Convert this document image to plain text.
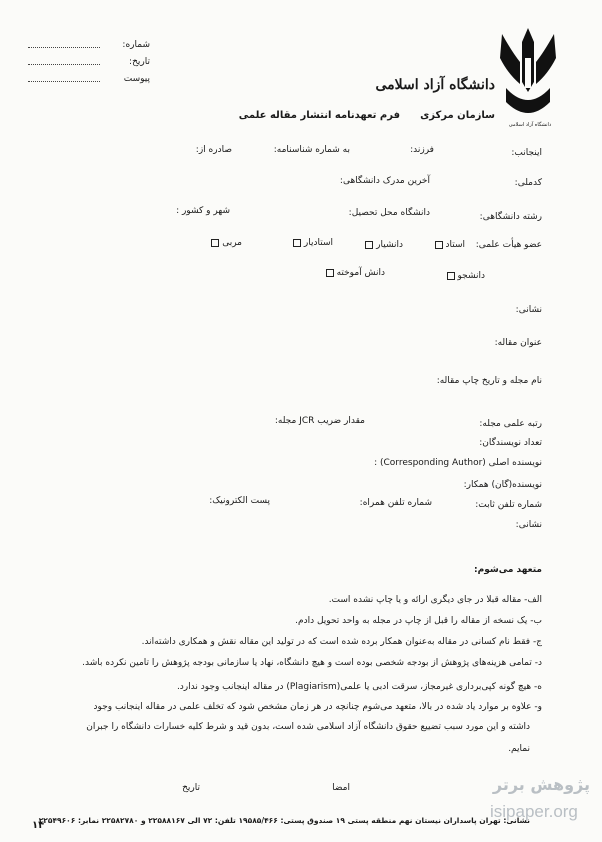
شماره:
تاریخ:
پیوست	دانشگاه آزاد اسلامی
دانشگاه آزاد اسلامی
سازمان مرکزی
فرم تعهدنامه انتشار مقاله علمی
اینجانب:
فرزند:
به شماره شناسنامه:
صادره از:
کدملی:
آخرین مدرک دانشگاهی:
رشته دانشگاهی:
دانشگاه محل تحصیل:
شهر و کشور :
عضو هیأت علمی:
استاد
دانشیار
استادیار
مربی
دانشجو
دانش آموخته
نشانی:
عنوان مقاله:
نام مجله و تاریخ چاپ مقاله:
رتبه علمی مجله:
مقدار ضریب JCR مجله:
تعداد نویسندگان:
نویسنده اصلی (Corresponding Author) :
نویسنده(گان) همکار:
شماره تلفن ثابت:
شماره تلفن همراه:
پست الکترونیک:
نشانی:
متعهد می‌شوم:
الف- مقاله قبلا در جای دیگری ارائه و یا چاپ نشده است.
ب- یک نسخه از مقاله را قبل از چاپ در مجله به واحد تحویل دادم.
ج- فقط نام کسانی در مقاله به‌عنوان همکار برده شده است که در تولید این مقاله نقش و همکاری داشته‌اند.
د- تمامی هزینه‌های پژوهش از بودجه شخصی بوده است و هیچ دانشگاه، نهاد یا سازمانی بودجه پژوهش را تامین نکرده باشد.
ه- هیچ گونه کپی‌برداری غیرمجاز، سرقت ادبی یا علمی(Plagiarism) در مقاله اینجانب وجود ندارد.
و- علاوه بر موارد یاد شده در بالا، متعهد می‌شوم چنانچه در هر زمان مشخص شود که تخلف علمی در مقاله اینجانب وجود
داشته و این مورد سبب تضییع حقوق دانشگاه آزاد اسلامی شده است، بدون قید و شرط کلیه خسارات دانشگاه را جبران
نمایم.
امضا
تاریخ
نشانی: تهران پاسداران نیستان نهم منطقه پستی ۱۹ صندوق پستی: ۱۹۵۸۵/۴۶۶ تلفن: ۷۲ الی ۲۲۵۸۸۱۶۷ و ۲۲۵۸۲۷۸۰ نمابر: ۲۲۵۴۹۶۰۶
۱۴
پژوهش برتر
isipaper.org
